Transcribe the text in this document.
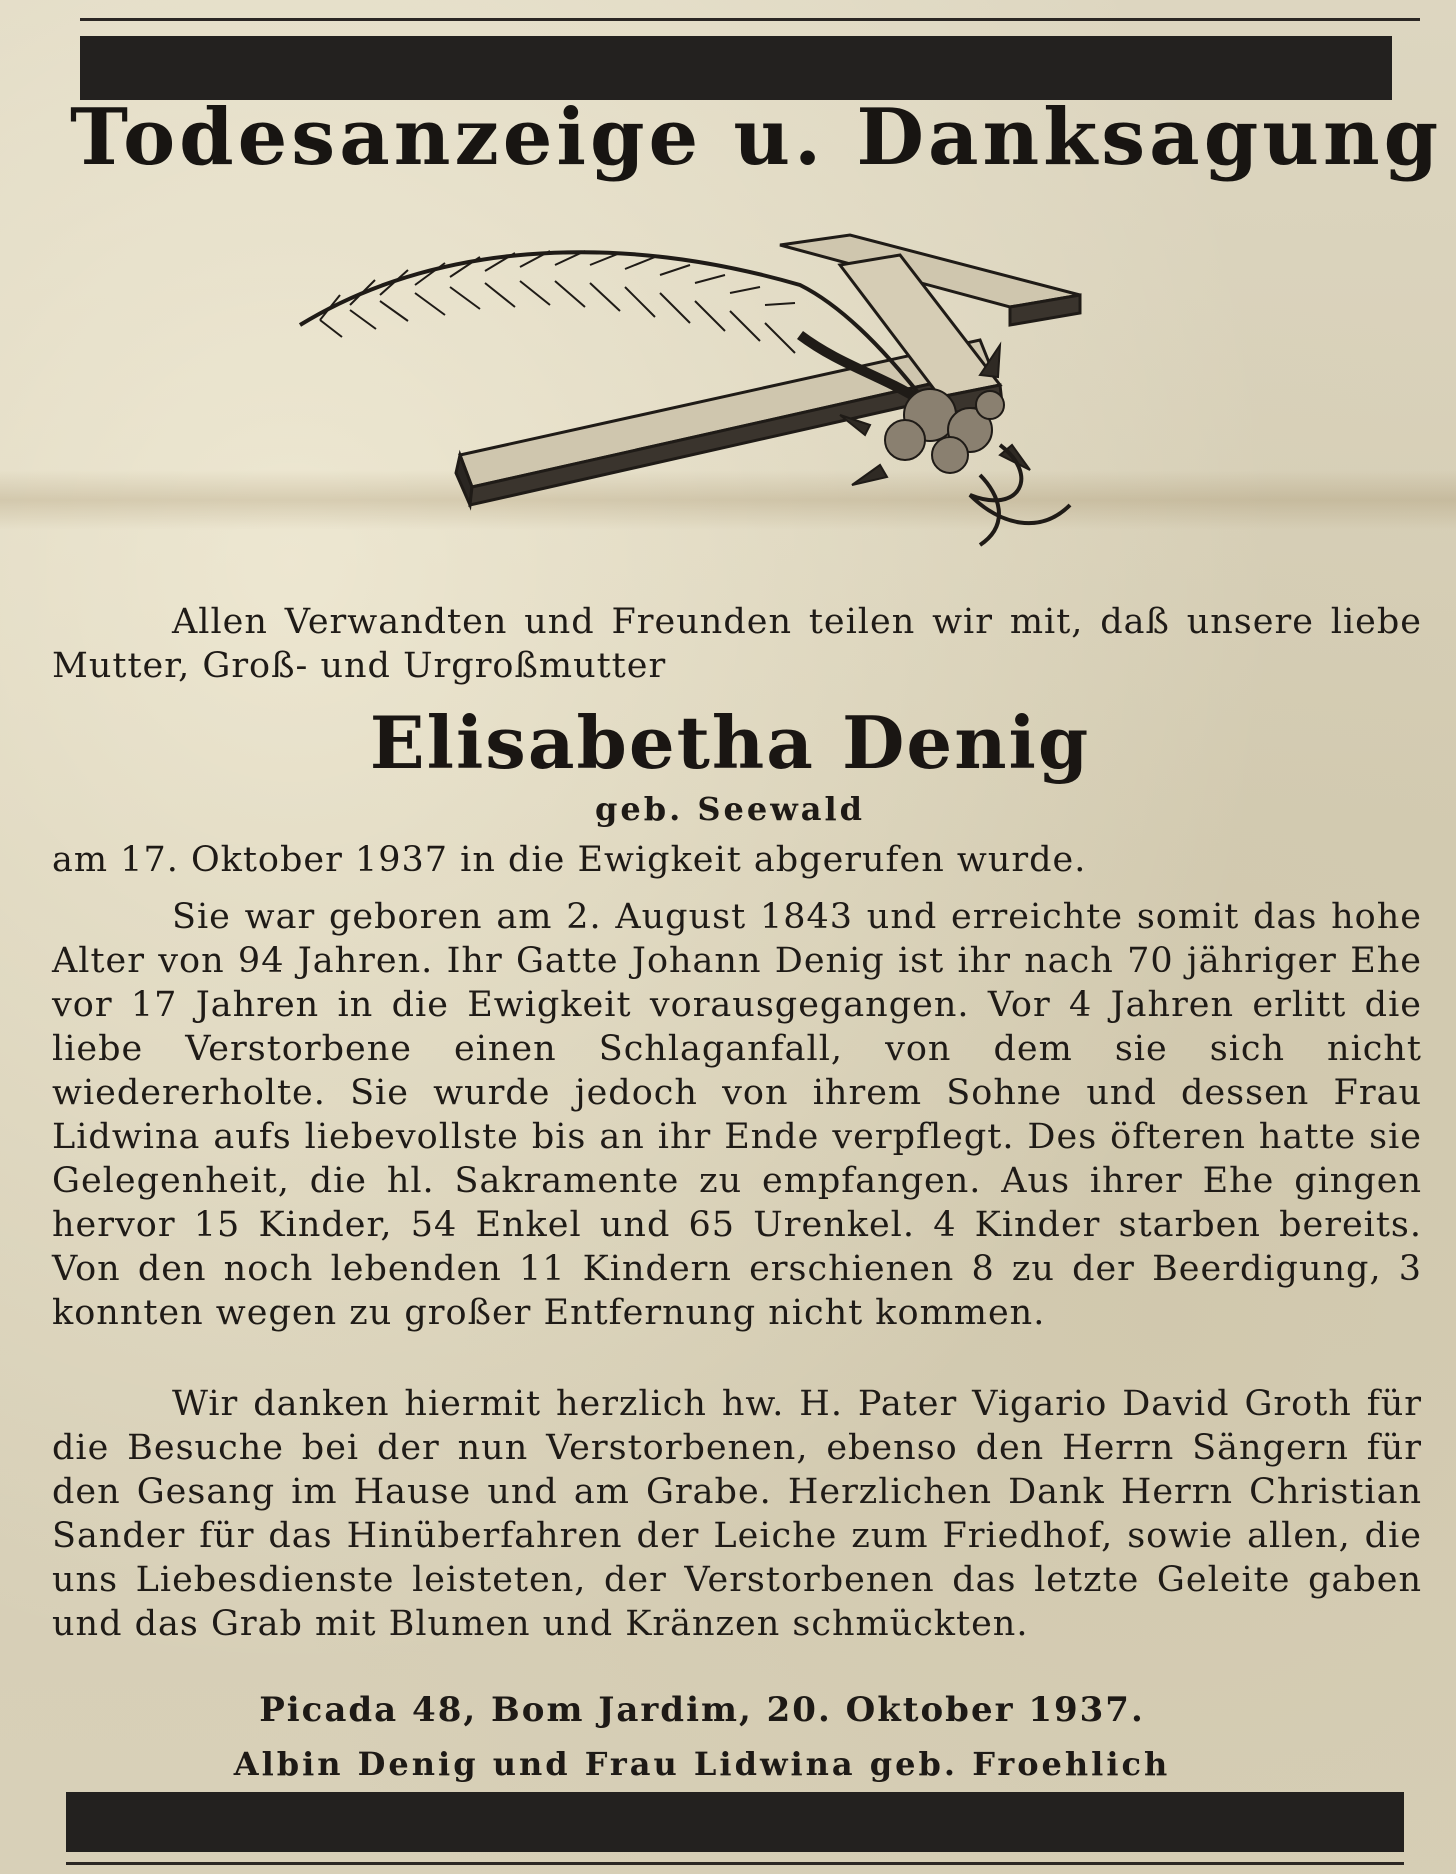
Todesanzeige u. Danksagung
Allen Verwandten und Freunden teilen wir mit, daß unsere liebe Mutter, Groß- und Urgroßmutter
Elisabetha Denig
geb. Seewald
am 17. Oktober 1937 in die Ewigkeit abgerufen wurde.
Sie war geboren am 2. August 1843 und erreichte somit das hohe Alter von 94 Jahren. Ihr Gatte Johann Denig ist ihr nach 70 jähriger Ehe vor 17 Jahren in die Ewigkeit vorausgegangen. Vor 4 Jahren erlitt die liebe Verstorbene einen Schlaganfall, von dem sie sich nicht wiedererholte. Sie wurde jedoch von ihrem Sohne und dessen Frau Lidwina aufs liebevollste bis an ihr Ende verpflegt. Des öfteren hatte sie Gelegenheit, die hl. Sakramente zu empfangen. Aus ihrer Ehe gingen hervor 15 Kinder, 54 Enkel und 65 Urenkel. 4 Kinder starben bereits. Von den noch lebenden 11 Kindern erschienen 8 zu der Beerdigung, 3 konnten wegen zu großer Entfernung nicht kommen.
Wir danken hiermit herzlich hw. H. Pater Vigario David Groth für die Besuche bei der nun Verstorbenen, ebenso den Herrn Sängern für den Gesang im Hause und am Grabe. Herzlichen Dank Herrn Christian Sander für das Hinüberfahren der Leiche zum Friedhof, sowie allen, die uns Liebesdienste leisteten, der Verstorbenen das letzte Geleite gaben und das Grab mit Blumen und Kränzen schmückten.
Picada 48, Bom Jardim, 20. Oktober 1937.
Albin Denig und Frau Lidwina geb. Froehlich
